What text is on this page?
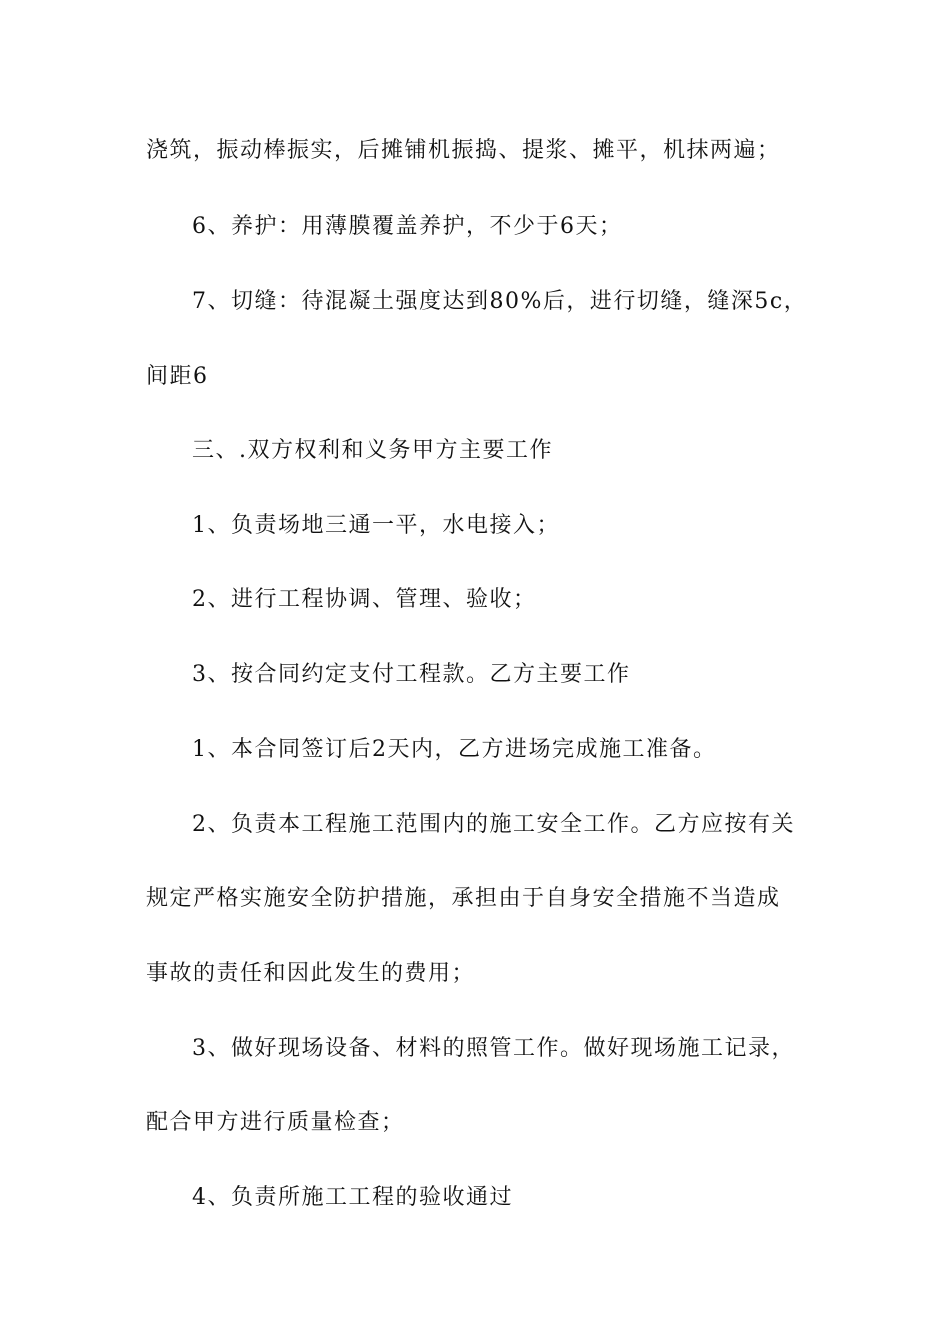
浇筑，振动棒振实，后摊铺机振捣、提浆、摊平，机抹两遍；
6、养护：用薄膜覆盖养护，不少于6天；
7、切缝：待混凝土强度达到80%后，进行切缝，缝深5c，
间距6
三、.双方权利和义务甲方主要工作
1、负责场地三通一平，水电接入；
2、进行工程协调、管理、验收；
3、按合同约定支付工程款。乙方主要工作
1、本合同签订后2天内，乙方进场完成施工准备。
2、负责本工程施工范围内的施工安全工作。乙方应按有关
规定严格实施安全防护措施，承担由于自身安全措施不当造成
事故的责任和因此发生的费用；
3、做好现场设备、材料的照管工作。做好现场施工记录，
配合甲方进行质量检查；
4、负责所施工工程的验收通过
